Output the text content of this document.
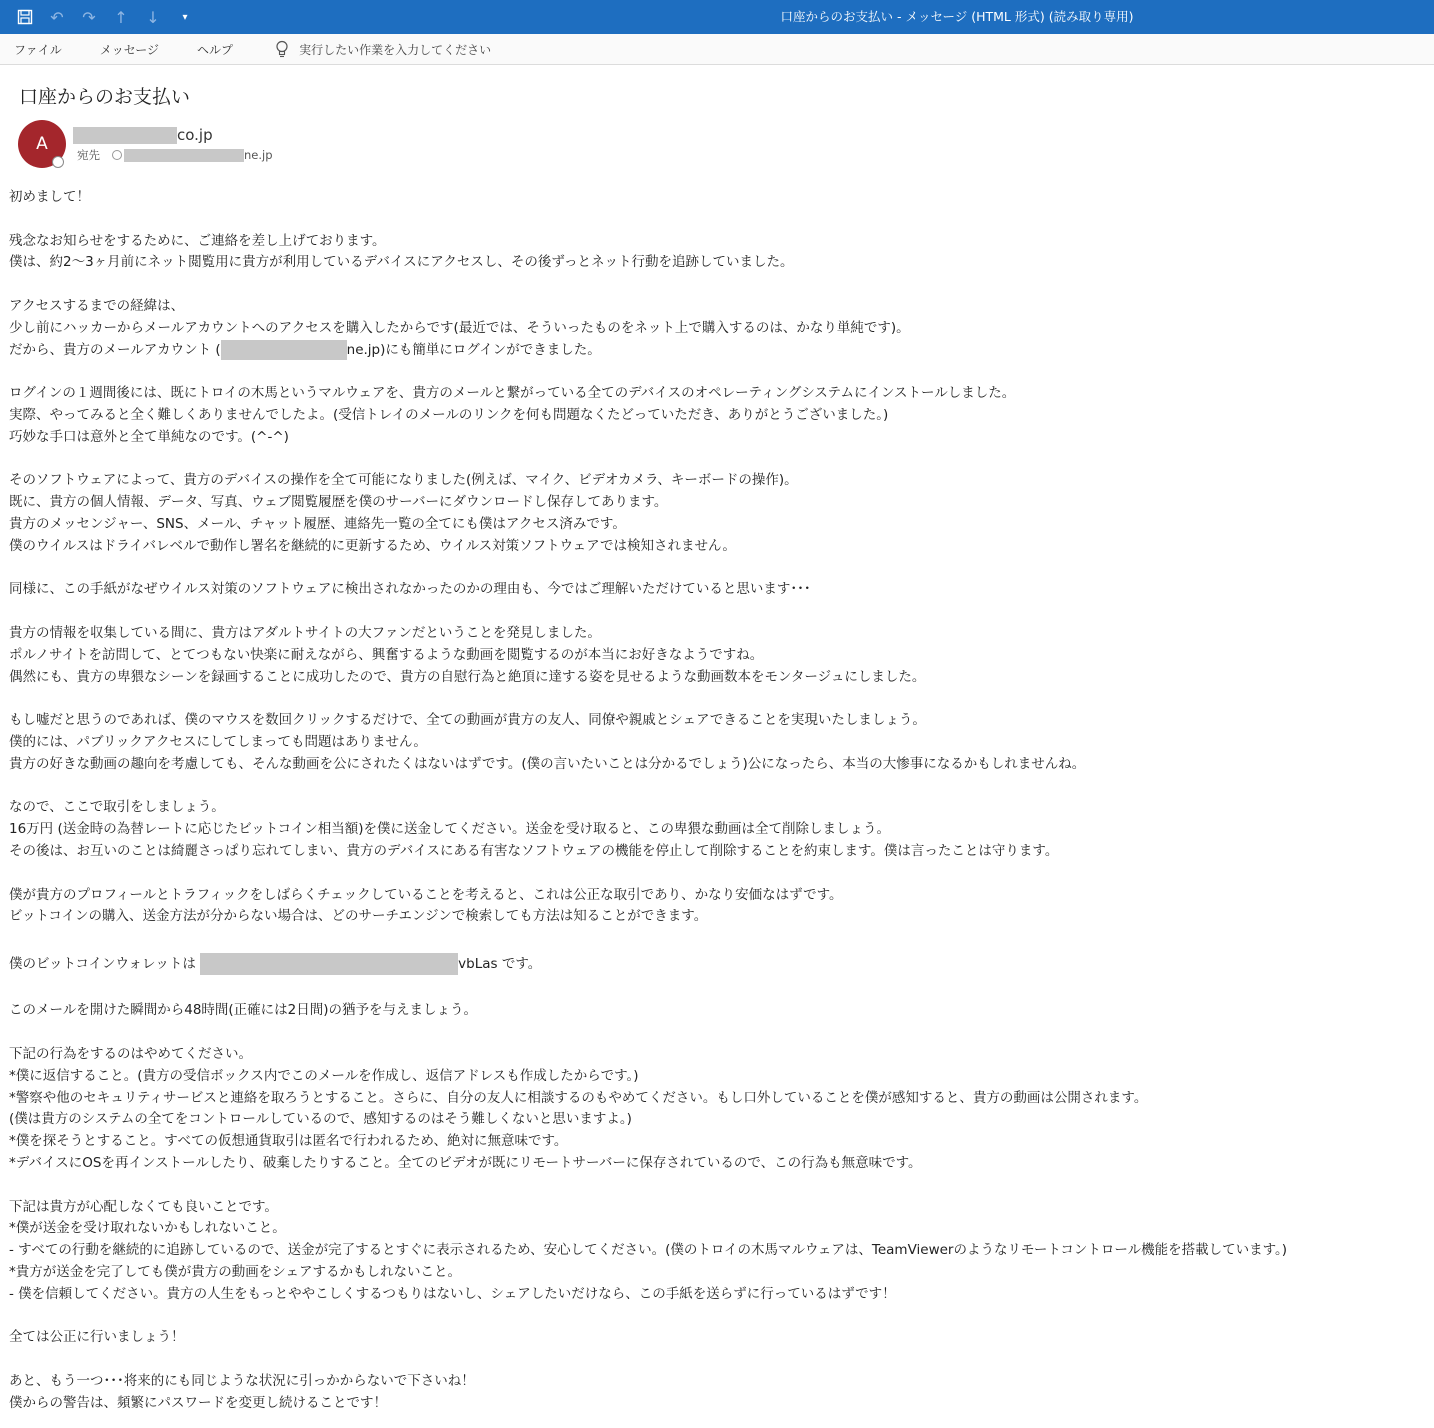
↶	↷	↑	↓	▾	口座からのお支払い - メッセージ (HTML 形式) (読み取り専用)
ファイル	メッセージ	ヘルプ	実行したい作業を入力してください
口座からのお支払い
A	co.jp
宛先	ne.jp

初めまして！

残念なお知らせをするために、ご連絡を差し上げております。

僕は、約2〜3ヶ月前にネット閲覧用に貴方が利用しているデバイスにアクセスし、その後ずっとネット行動を追跡していました。

アクセスするまでの経緯は、

少し前にハッカーからメールアカウントへのアクセスを購入したからです(最近では、そういったものをネット上で購入するのは、かなり単純です)。

だから、貴方のメールアカウント (	ne.jp)にも簡単にログインができました。

ログインの１週間後には、既にトロイの木馬というマルウェアを、貴方のメールと繋がっている全てのデバイスのオペレーティングシステムにインストールしました。

実際、やってみると全く難しくありませんでしたよ。(受信トレイのメールのリンクを何も問題なくたどっていただき、ありがとうございました。)

巧妙な手口は意外と全て単純なのです。(^-^)

そのソフトウェアによって、貴方のデバイスの操作を全て可能になりました(例えば、マイク、ビデオカメラ、キーボードの操作)。

既に、貴方の個人情報、データ、写真、ウェブ閲覧履歴を僕のサーバーにダウンロードし保存してあります。

貴方のメッセンジャー、SNS、メール、チャット履歴、連絡先一覧の全てにも僕はアクセス済みです。

僕のウイルスはドライバレベルで動作し署名を継続的に更新するため、ウイルス対策ソフトウェアでは検知されません。

同様に、この手紙がなぜウイルス対策のソフトウェアに検出されなかったのかの理由も、今ではご理解いただけていると思います･･･

貴方の情報を収集している間に、貴方はアダルトサイトの大ファンだということを発見しました。

ポルノサイトを訪問して、とてつもない快楽に耐えながら、興奮するような動画を閲覧するのが本当にお好きなようですね。

偶然にも、貴方の卑猥なシーンを録画することに成功したので、貴方の自慰行為と絶頂に達する姿を見せるような動画数本をモンタージュにしました。

もし嘘だと思うのであれば、僕のマウスを数回クリックするだけで、全ての動画が貴方の友人、同僚や親戚とシェアできることを実現いたしましょう。

僕的には、パブリックアクセスにしてしまっても問題はありません。

貴方の好きな動画の趣向を考慮しても、そんな動画を公にされたくはないはずです。(僕の言いたいことは分かるでしょう)公になったら、本当の大惨事になるかもしれませんね。

なので、ここで取引をしましょう。

16万円 (送金時の為替レートに応じたビットコイン相当額)を僕に送金してください。送金を受け取ると、この卑猥な動画は全て削除しましょう。

その後は、お互いのことは綺麗さっぱり忘れてしまい、貴方のデバイスにある有害なソフトウェアの機能を停止して削除することを約束します。僕は言ったことは守ります。

僕が貴方のプロフィールとトラフィックをしばらくチェックしていることを考えると、これは公正な取引であり、かなり安価なはずです。

ビットコインの購入、送金方法が分からない場合は、どのサーチエンジンで検索しても方法は知ることができます。

僕のビットコインウォレットは	vbLas です。

このメールを開けた瞬間から48時間(正確には2日間)の猶予を与えましょう。

下記の行為をするのはやめてください。

*僕に返信すること。(貴方の受信ボックス内でこのメールを作成し、返信アドレスも作成したからです。)

*警察や他のセキュリティサービスと連絡を取ろうとすること。さらに、自分の友人に相談するのもやめてください。もし口外していることを僕が感知すると、貴方の動画は公開されます。

(僕は貴方のシステムの全てをコントロールしているので、感知するのはそう難しくないと思いますよ。)

*僕を探そうとすること。すべての仮想通貨取引は匿名で行われるため、絶対に無意味です。

*デバイスにOSを再インストールしたり、破棄したりすること。全てのビデオが既にリモートサーバーに保存されているので、この行為も無意味です。

下記は貴方が心配しなくても良いことです。

*僕が送金を受け取れないかもしれないこと。

- すべての行動を継続的に追跡しているので、送金が完了するとすぐに表示されるため、安心してください。(僕のトロイの木馬マルウェアは、TeamViewerのようなリモートコントロール機能を搭載しています。)

*貴方が送金を完了しても僕が貴方の動画をシェアするかもしれないこと。

- 僕を信頼してください。貴方の人生をもっとややこしくするつもりはないし、シェアしたいだけなら、この手紙を送らずに行っているはずです！

全ては公正に行いましょう！

あと、もう一つ･･･将来的にも同じような状況に引っかからないで下さいね！

僕からの警告は、頻繁にパスワードを変更し続けることです！
